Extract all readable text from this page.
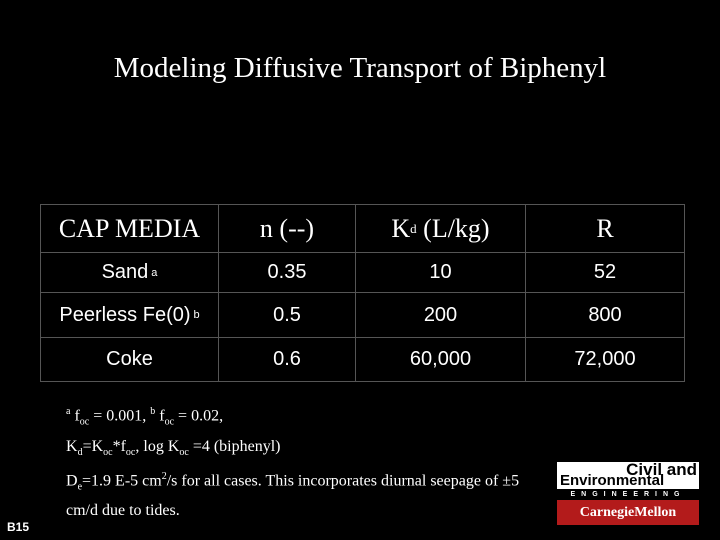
Modeling Diffusive Transport of Biphenyl
CAP MEDIA	n (--)	K d (L/kg)	R
Sand a	0.35	10	52
Peerless Fe(0) b	0.5	200	800
Coke	0.6	60,000	72,000
$^a$ $f_{oc} = 0.001$, $^b$ $f_{oc} = 0.02$,
$K_d=K_{oc}*f_{oc}$, $\log K_{oc} =4$ (biphenyl)
$D_e=1.9$ E-5 $cm^2/s$ for all cases. This incorporates diurnal seepage of ±5 cm/d due to tides.
B15
Civil and
Environmental
ENGINEERING
CarnegieMellon
